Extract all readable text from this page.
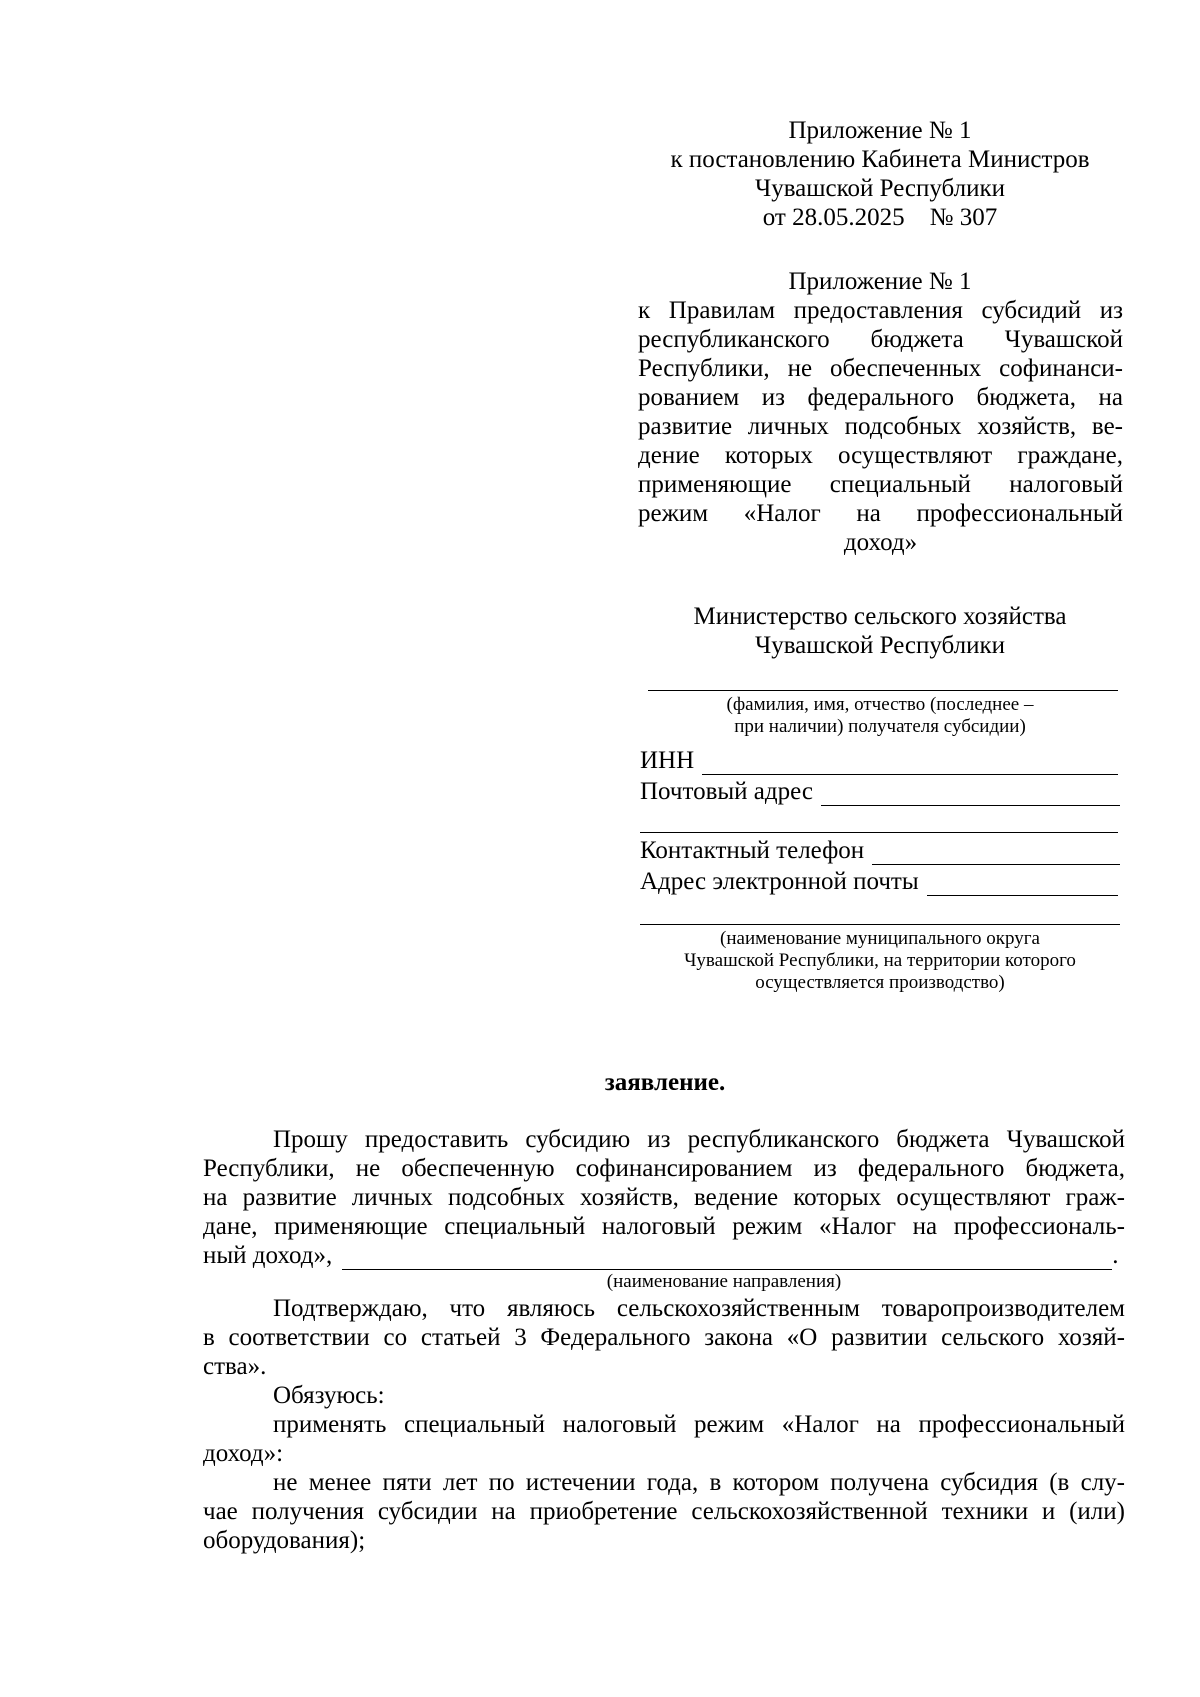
Приложение № 1
к постановлению Кабинета Министров
Чувашской Республики
от 28.05.2025    № 307
Приложение № 1
к Правилам предоставления субсидий из
республиканского бюджета Чувашской
Республики, не обеспеченных софинанси-
рованием из федерального бюджета, на
развитие личных подсобных хозяйств, ве-
дение которых осуществляют граждане,
применяющие специальный налоговый
режим «Налог на профессиональный
доход»
Министерство сельского хозяйства
Чувашской Республики
(фамилия, имя, отчество (последнее –
при наличии) получателя субсидии)
ИНН
Почтовый адрес
Контактный телефон
Адрес электронной почты
(наименование муниципального округа
Чувашской Республики, на территории которого
осуществляется производство)
заявление.
Прошу предоставить субсидию из республиканского бюджета Чувашской
Республики, не обеспеченную софинансированием из федерального бюджета,
на развитие личных подсобных хозяйств, ведение которых осуществляют граж-
дане, применяющие специальный налоговый режим «Налог на профессиональ-
ный доход»,	.
(наименование направления)
Подтверждаю, что являюсь сельскохозяйственным товаропроизводителем
в соответствии со статьей 3 Федерального закона «О развитии сельского хозяй-
ства».
Обязуюсь:
применять специальный налоговый режим «Налог на профессиональный
доход»:
не менее пяти лет по истечении года, в котором получена субсидия (в слу-
чае получения субсидии на приобретение сельскохозяйственной техники и (или)
оборудования);
